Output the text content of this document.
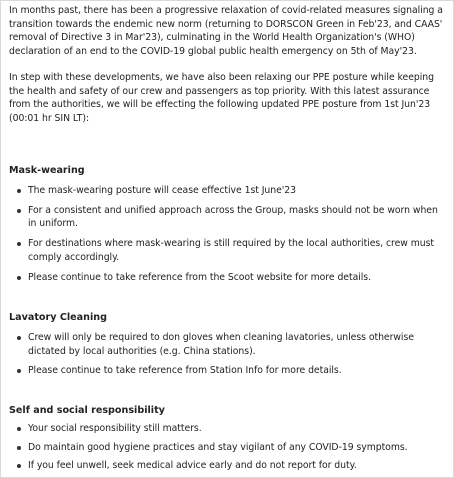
In months past, there has been a progressive relaxation of covid-related measures signaling a transition towards the endemic new norm (returning to DORSCON Green in Feb'23, and CAAS' removal of Directive 3 in Mar'23), culminating in the World Health Organization's (WHO) declaration of an end to the COVID-19 global public health emergency on 5th of May'23.

In step with these developments, we have also been relaxing our PPE posture while keeping the health and safety of our crew and passengers as top priority. With this latest assurance from the authorities, we will be effecting the following updated PPE posture from 1st Jun'23 (00:01 hr SIN LT):

Mask-wearing
The mask-wearing posture will cease effective 1st June'23
For a consistent and unified approach across the Group, masks should not be worn when in uniform.
For destinations where mask-wearing is still required by the local authorities, crew must comply accordingly.
Please continue to take reference from the Scoot website for more details.
Lavatory Cleaning
Crew will only be required to don gloves when cleaning lavatories, unless otherwise dictated by local authorities (e.g. China stations).
Please continue to take reference from Station Info for more details.
Self and social responsibility
Your social responsibility still matters.
Do maintain good hygiene practices and stay vigilant of any COVID-19 symptoms.
If you feel unwell, seek medical advice early and do not report for duty.
